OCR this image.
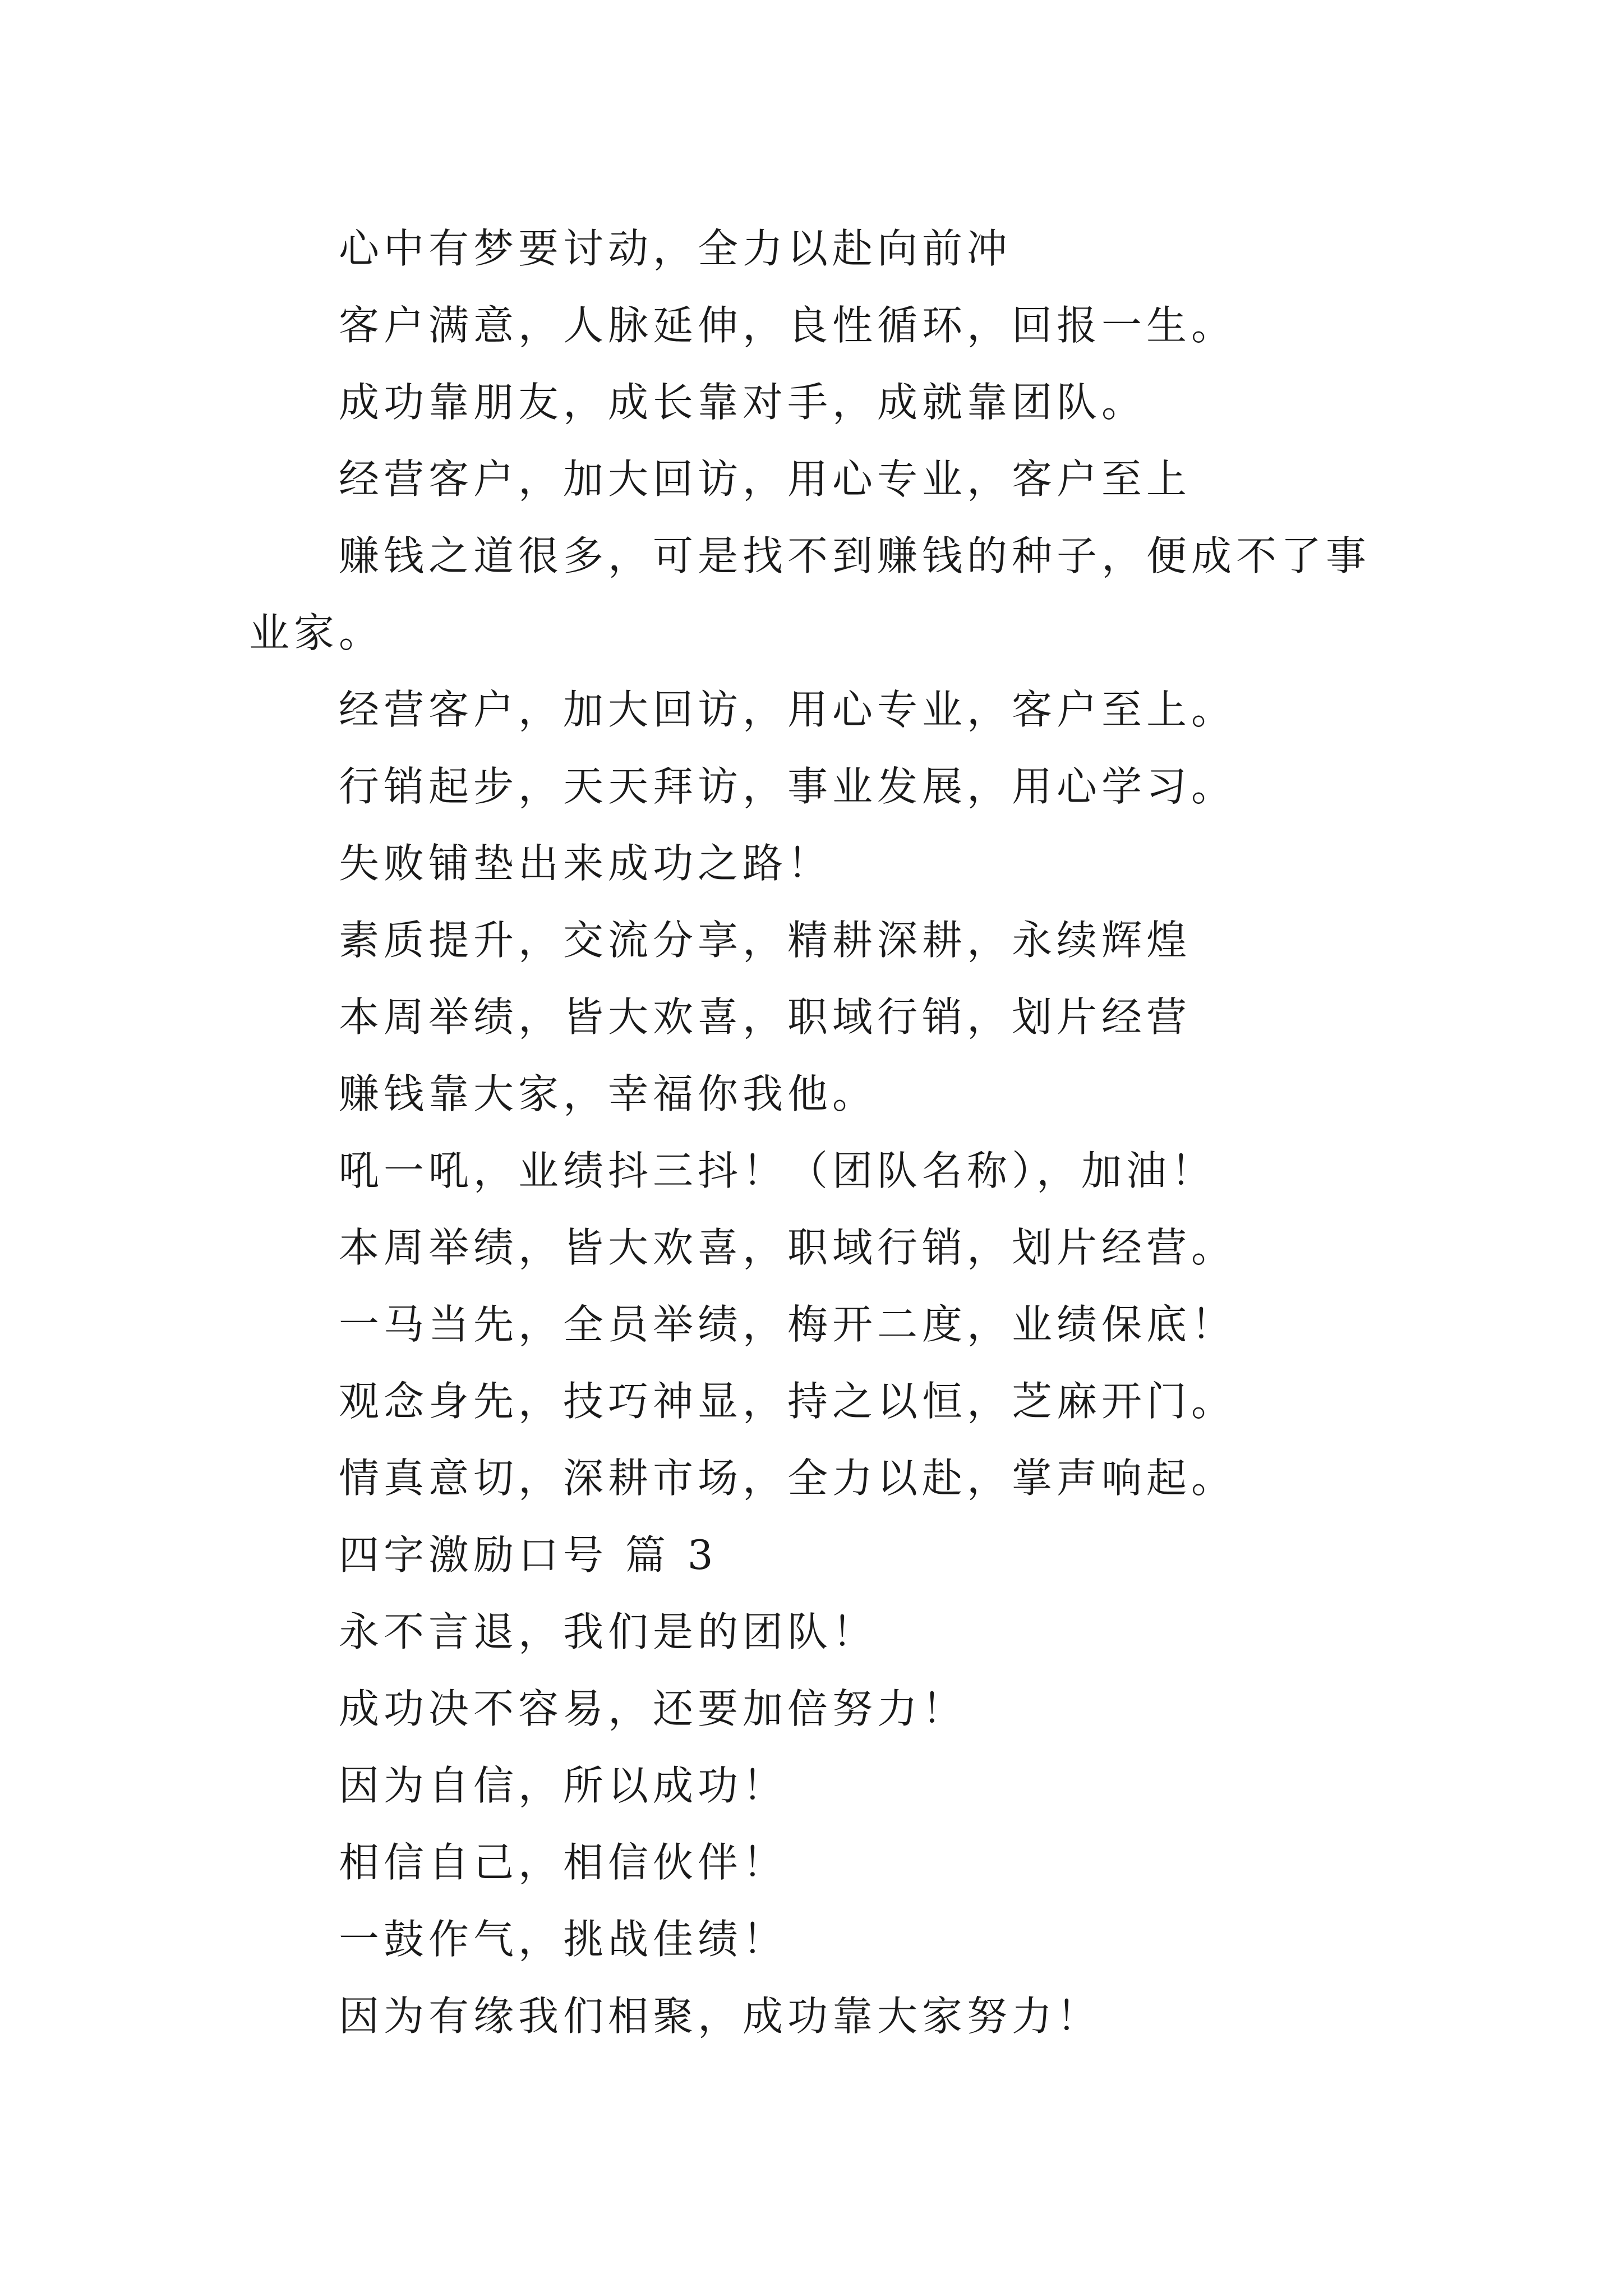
心中有梦要讨动，全力以赴向前冲

客户满意，人脉延伸，良性循环，回报一生。

成功靠朋友，成长靠对手，成就靠团队。

经营客户，加大回访，用心专业，客户至上

赚钱之道很多，可是找不到赚钱的种子，便成不了事业家。

经营客户，加大回访，用心专业，客户至上。

行销起步，天天拜访，事业发展，用心学习。

失败铺垫出来成功之路！

素质提升，交流分享，精耕深耕，永续辉煌

本周举绩，皆大欢喜，职域行销，划片经营

赚钱靠大家，幸福你我他。

吼一吼，业绩抖三抖！（团队名称），加油！

本周举绩，皆大欢喜，职域行销，划片经营。

一马当先，全员举绩，梅开二度，业绩保底！

观念身先，技巧神显，持之以恒，芝麻开门。

情真意切，深耕市场，全力以赴，掌声响起。

四字激励口号 篇 3

永不言退，我们是的团队！

成功决不容易，还要加倍努力！

因为自信，所以成功！

相信自己，相信伙伴！

一鼓作气，挑战佳绩！

因为有缘我们相聚，成功靠大家努力！
